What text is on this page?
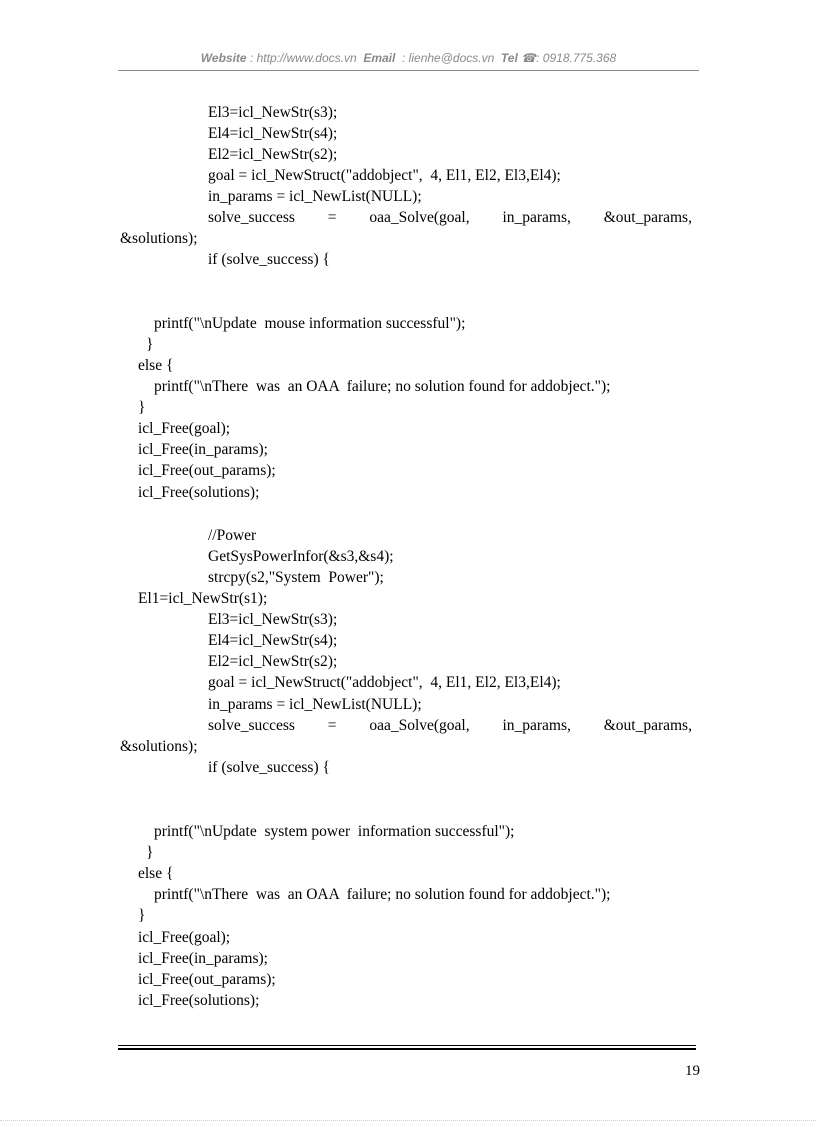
Website : http://www.docs.vn Email : lienhe@docs.vn Tel ☎: 0918.775.368
El3=icl_NewStr(s3);
El4=icl_NewStr(s4);
El2=icl_NewStr(s2);
goal = icl_NewStruct("addobject",  4, El1, El2, El3,El4);
in_params = icl_NewList(NULL);
solve_success = oaa_Solve(goal, in_params, &out_params,
&solutions);
if (solve_success) {
printf("\nUpdate  mouse information successful");
}
else {
printf("\nThere  was  an OAA  failure; no solution found for addobject.");
}
icl_Free(goal);
icl_Free(in_params);
icl_Free(out_params);
icl_Free(solutions);
//Power
GetSysPowerInfor(&s3,&s4);
strcpy(s2,"System  Power");
El1=icl_NewStr(s1);
El3=icl_NewStr(s3);
El4=icl_NewStr(s4);
El2=icl_NewStr(s2);
goal = icl_NewStruct("addobject",  4, El1, El2, El3,El4);
in_params = icl_NewList(NULL);
solve_success = oaa_Solve(goal, in_params, &out_params,
&solutions);
if (solve_success) {
printf("\nUpdate  system power  information successful");
}
else {
printf("\nThere  was  an OAA  failure; no solution found for addobject.");
}
icl_Free(goal);
icl_Free(in_params);
icl_Free(out_params);
icl_Free(solutions);
19
